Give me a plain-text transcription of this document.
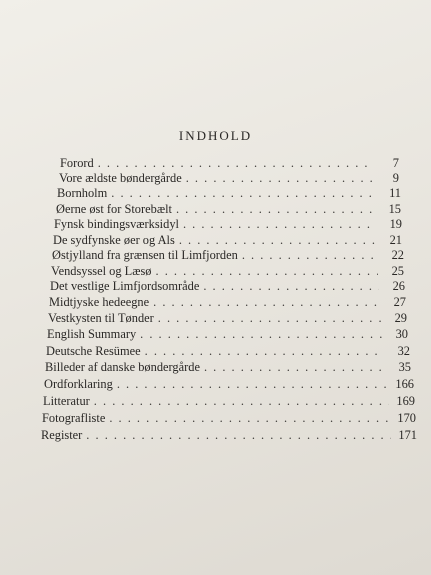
INDHOLD
Forord . . .	7
Vore ældste bøndergårde . . .	9
Bornholm . . .	11
Øerne øst for Storebælt . . .	15
Fynsk bindingsværksidyl . . .	19
De sydfynske øer og Als . . .	21
Østjylland fra grænsen til Limfjorden . . .	22
Vendsyssel og Læsø . . .	25
Det vestlige Limfjordsområde . . .	26
Midtjyske hedeegne . . .	27
Vestkysten til Tønder . . .	29
English Summary . . .	30
Deutsche Resümee . . .	32
Billeder af danske bøndergårde . . .	35
Ordforklaring . . .	166
Litteratur . . .	169
Fotografliste . . .	170
Register . . .	171
